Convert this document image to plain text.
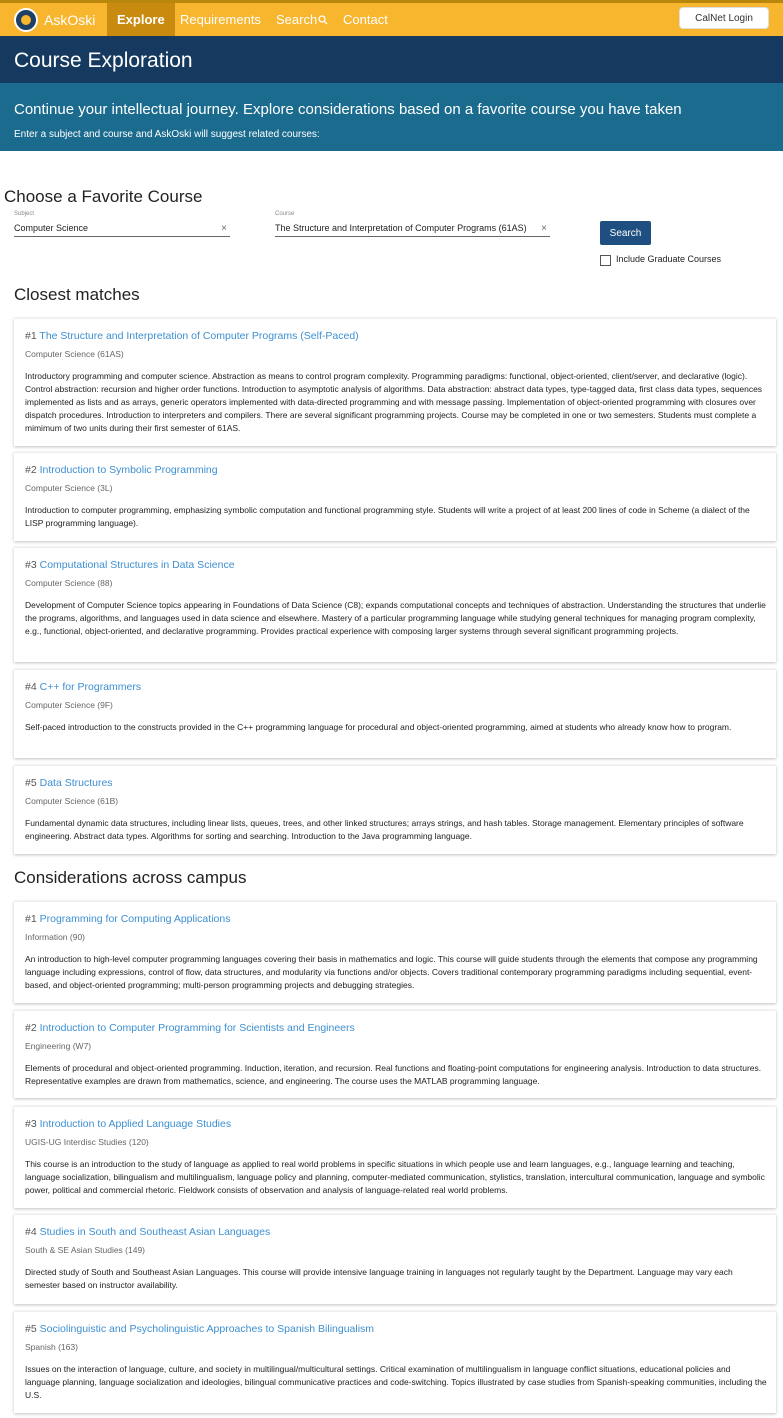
AskOski	Explore	Requirements Search	Contact	CalNet Login
Course Exploration
Continue your intellectual journey. Explore considerations based on a favorite course you have taken
Enter a subject and course and AskOski will suggest related courses:
Choose a Favorite Course
Subject
Computer Science	×
Course
The Structure and Interpretation of Computer Programs (61AS) ×	Search
Include Graduate Courses
Closest matches
#1 The Structure and Interpretation of Computer Programs (Self-Paced)
Computer Science (61AS)
Introductory programming and computer science. Abstraction as means to control program complexity. Programming paradigms: functional, object-oriented, client/server, and declarative (logic). Control abstraction: recursion and higher order functions. Introduction to asymptotic analysis of algorithms. Data abstraction: abstract data types, type-tagged data, first class data types, sequences implemented as lists and as arrays, generic operators implemented with data-directed programming and with message passing. Implementation of object-oriented programming with closures over dispatch procedures. Introduction to interpreters and compilers. There are several significant programming projects. Course may be completed in one or two semesters. Students must complete a mimimum of two units during their first semester of 61AS.
#2 Introduction to Symbolic Programming
Computer Science (3L)
Introduction to computer programming, emphasizing symbolic computation and functional programming style. Students will write a project of at least 200 lines of code in Scheme (a dialect of the LISP programming language).
#3 Computational Structures in Data Science
Computer Science (88)
Development of Computer Science topics appearing in Foundations of Data Science (C8); expands computational concepts and techniques of abstraction. Understanding the structures that underlie the programs, algorithms, and languages used in data science and elsewhere. Mastery of a particular programming language while studying general techniques for managing program complexity, e.g., functional, object-oriented, and declarative programming. Provides practical experience with composing larger systems through several significant programming projects.
#4 C++ for Programmers
Computer Science (9F)
Self-paced introduction to the constructs provided in the C++ programming language for procedural and object-oriented programming, aimed at students who already know how to program.
#5 Data Structures
Computer Science (61B)
Fundamental dynamic data structures, including linear lists, queues, trees, and other linked structures; arrays strings, and hash tables. Storage management. Elementary principles of software engineering. Abstract data types. Algorithms for sorting and searching. Introduction to the Java programming language.
Considerations across campus
#1 Programming for Computing Applications
Information (90)
An introduction to high-level computer programming languages covering their basis in mathematics and logic. This course will guide students through the elements that compose any programming language including expressions, control of flow, data structures, and modularity via functions and/or objects. Covers traditional contemporary programming paradigms including sequential, event-based, and object-oriented programming; multi-person programming projects and debugging strategies.
#2 Introduction to Computer Programming for Scientists and Engineers
Engineering (W7)
Elements of procedural and object-oriented programming. Induction, iteration, and recursion. Real functions and floating-point computations for engineering analysis. Introduction to data structures. Representative examples are drawn from mathematics, science, and engineering. The course uses the MATLAB programming language.
#3 Introduction to Applied Language Studies
UGIS-UG Interdisc Studies (120)
This course is an introduction to the study of language as applied to real world problems in specific situations in which people use and learn languages, e.g., language learning and teaching, language socialization, bilingualism and multilingualism, language policy and planning, computer-mediated communication, stylistics, translation, intercultural communication, language and symbolic power, political and commercial rhetoric. Fieldwork consists of observation and analysis of language-related real world problems.
#4 Studies in South and Southeast Asian Languages
South & SE Asian Studies (149)
Directed study of South and Southeast Asian Languages. This course will provide intensive language training in languages not regularly taught by the Department. Language may vary each semester based on instructor availability.
#5 Sociolinguistic and Psycholinguistic Approaches to Spanish Bilingualism
Spanish (163)
Issues on the interaction of language, culture, and society in multilingual/multicultural settings. Critical examination of multilingualism in language conflict situations, educational policies and language planning, language socialization and ideologies, bilingual communicative practices and code-switching. Topics illustrated by case studies from Spanish-speaking communities, including the U.S.
